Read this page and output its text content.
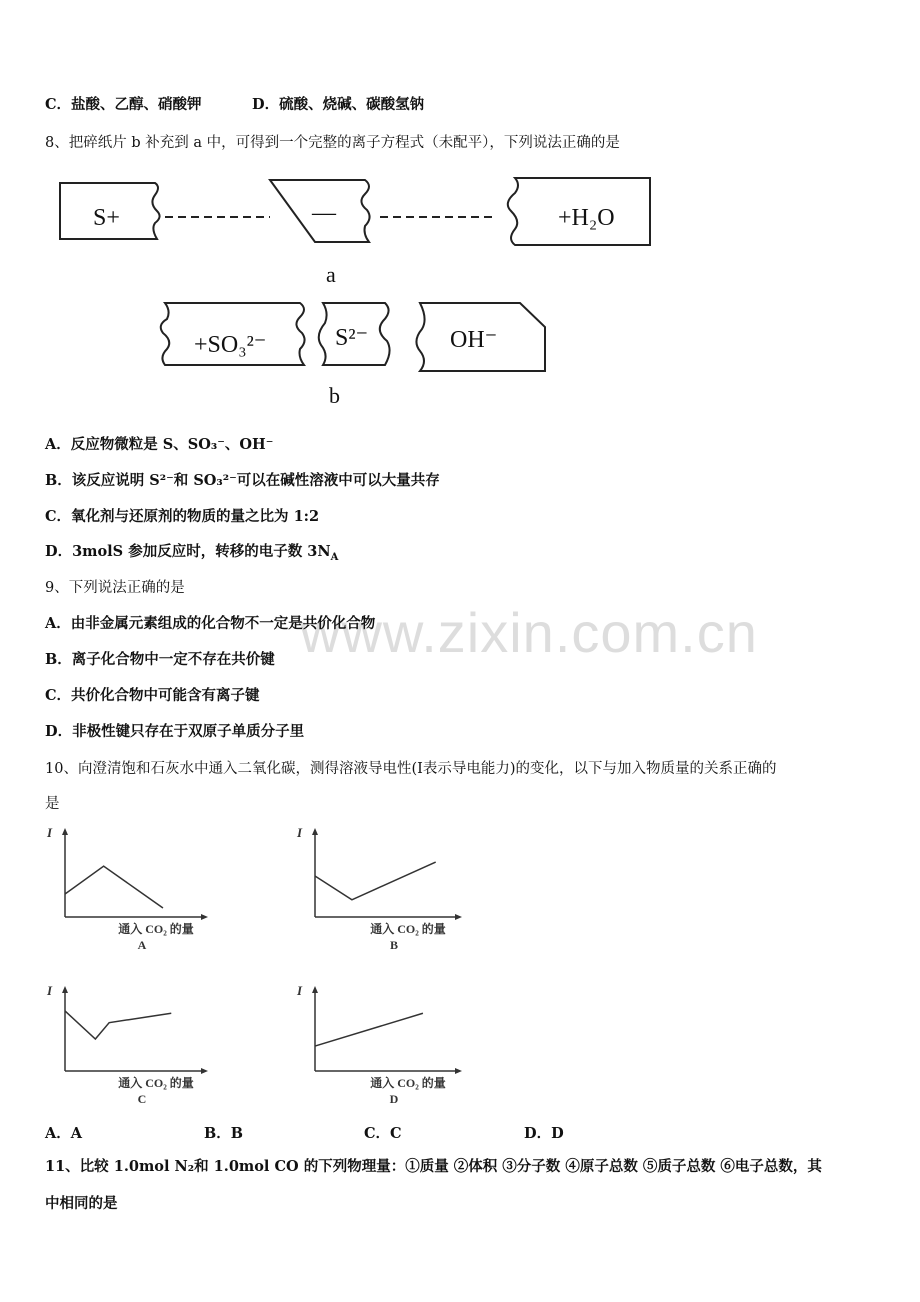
www.zixin.com.cn
C．盐酸、乙醇、硝酸钾	D．硫酸、烧碱、碳酸氢钠
8、把碎纸片 b 补充到 a 中，可得到一个完整的离子方程式（未配平），下列说法正确的是
S+	—	+H₂O
a
+SO₃²⁻	S²⁻	OH⁻
b
A．反应物微粒是 S、SO₃⁻、OH⁻
B．该反应说明 S²⁻和 SO₃²⁻可以在碱性溶液中可以大量共存
C．氧化剂与还原剂的物质的量之比为 1:2
D．3molS 参加反应时，转移的电子数 $3N_A$
9、下列说法正确的是
A．由非金属元素组成的化合物不一定是共价化合物
B．离子化合物中一定不存在共价键
C．共价化合物中可能含有离子键
D．非极性键只存在于双原子单质分子里
10、向澄清饱和石灰水中通入二氧化碳，测得溶液导电性(I表示导电能力)的变化，以下与加入物质量的关系正确的
是
I
通入 CO₂ 的量
A
I
通入 CO₂ 的量
B
I
通入 CO₂ 的量
C
I
通入 CO₂ 的量
D
A．A	B．B	C．C	D．D
11、比较 1.0mol N₂和 1.0mol CO 的下列物理量：①质量 ②体积 ③分子数 ④原子总数 ⑤质子总数 ⑥电子总数，其
中相同的是
